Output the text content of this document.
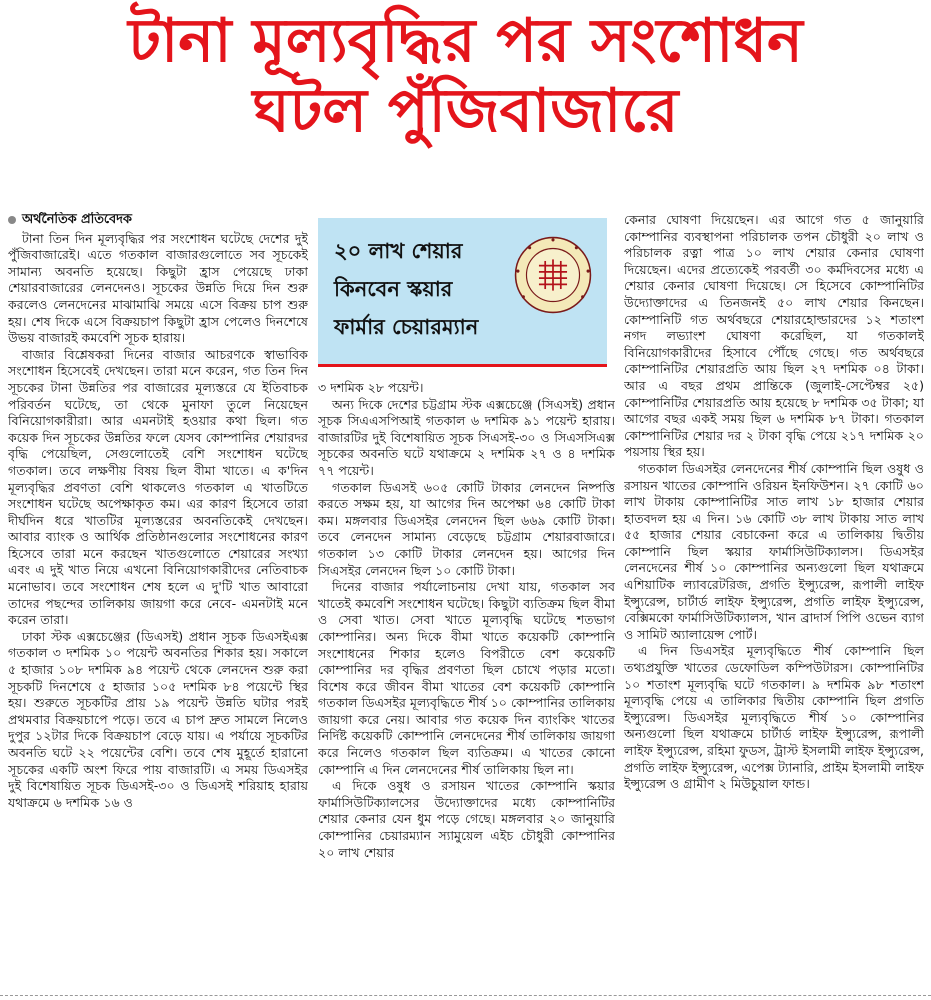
টানা মূল্যবৃদ্ধির পর সংশোধন
ঘটল পুঁজিবাজারে
অর্থনৈতিক প্রতিবেদক

টানা তিন দিন মূল্যবৃদ্ধির পর সংশোধন ঘটেছে দেশের দুই পুঁজিবাজারেই। এতে গতকাল বাজারগুলোতে সব সূচকেই সামান্য অবনতি হয়েছে। কিছুটা হ্রাস পেয়েছে ঢাকা শেয়ারবাজারের লেনদেনও। সূচকের উন্নতি দিয়ে দিন শুরু করলেও লেনদেনের মাঝামাঝি সময়ে এসে বিক্রয় চাপ শুরু হয়। শেষ দিকে এসে বিক্রয়চাপ কিছুটা হ্রাস পেলেও দিনশেষে উভয় বাজারই কমবেশি সূচক হারায়।

বাজার বিশ্লেষকরা দিনের বাজার আচরণকে স্বাভাবিক সংশোধন হিসেবেই দেখছেন। তারা মনে করেন, গত তিন দিন সূচকের টানা উন্নতির পর বাজারের মূল্যস্তরে যে ইতিবাচক পরিবর্তন ঘটেছে, তা থেকে মুনাফা তুলে নিয়েছেন বিনিয়োগকারীরা। আর এমনটাই হওয়ার কথা ছিল। গত কয়েক দিন সূচকের উন্নতির ফলে যেসব কোম্পানির শেয়ারদর বৃদ্ধি পেয়েছিল, সেগুলোতেই বেশি সংশোধন ঘটেছে গতকাল। তবে লক্ষণীয় বিষয় ছিল বীমা খাতে। এ ক'দিন মূল্যবৃদ্ধির প্রবণতা বেশি থাকলেও গতকাল এ খাতটিতে সংশোধন ঘটেছে অপেক্ষাকৃত কম। এর কারণ হিসেবে তারা দীর্ঘদিন ধরে খাতটির মূল্যস্তরের অবনতিকেই দেখছেন। আবার ব্যাংক ও আর্থিক প্রতিষ্ঠানগুলোর সংশোধনের কারণ হিসেবে তারা মনে করছেন খাতগুলোতে শেয়ারের সংখ্যা এবং এ দুই খাত নিয়ে এখনো বিনিয়োগকারীদের নেতিবাচক মনোভাব। তবে সংশোধন শেষ হলে এ দু'টি খাত আবারো তাদের পছন্দের তালিকায় জায়গা করে নেবে- এমনটাই মনে করেন তারা।

ঢাকা স্টক এক্সচেঞ্জের (ডিএসই) প্রধান সূচক ডিএসইএক্স গতকাল ৩ দশমিক ১০ পয়েন্ট অবনতির শিকার হয়। সকালে ৫ হাজার ১০৮ দশমিক ৯৪ পয়েন্ট থেকে লেনদেন শুরু করা সূচকটি দিনশেষে ৫ হাজার ১০৫ দশমিক ৮৪ পয়েন্টে স্থির হয়। শুরুতে সূচকটির প্রায় ১৯ পয়েন্ট উন্নতি ঘটার পরই প্রথমবার বিক্রয়চাপে পড়ে। তবে এ চাপ দ্রুত সামলে নিলেও দুপুর ১২টার দিকে বিক্রয়চাপ বেড়ে যায়। এ পর্যায়ে সূচকটির অবনতি ঘটে ২২ পয়েন্টের বেশি। তবে শেষ মুহূর্তে হারানো সূচকের একটি অংশ ফিরে পায় বাজারটি। এ সময় ডিএসইর দুই বিশেষায়িত সূচক ডিএসই-৩০ ও ডিএসই শরিয়াহ হারায় যথাক্রমে ৬ দশমিক ১৬ ও

২০ লাখ শেয়ার
কিনবেন স্কয়ার
ফার্মার চেয়ারম্যান

৩ দশমিক ২৮ পয়েন্ট।

অন্য দিকে দেশের চট্টগ্রাম স্টক এক্সচেঞ্জে (সিএসই) প্রধান সূচক সিএএসপিআই গতকাল ৬ দশমিক ৯১ পয়েন্ট হারায়। বাজারটির দুই বিশেষায়িত সূচক সিএসই-৩০ ও সিএসসিএক্স সূচকের অবনতি ঘটে যথাক্রমে ২ দশমিক ২৭ ও ৪ দশমিক ৭৭ পয়েন্ট।

গতকাল ডিএসই ৬০৫ কোটি টাকার লেনদেন নিষ্পত্তি করতে সক্ষম হয়, যা আগের দিন অপেক্ষা ৬৪ কোটি টাকা কম। মঙ্গলবার ডিএসইর লেনদেন ছিল ৬৬৯ কোটি টাকা। তবে লেনদেন সামান্য বেড়েছে চট্টগ্রাম শেয়ারবাজারে। গতকাল ১৩ কোটি টাকার লেনদেন হয়। আগের দিন সিএসইর লেনদেন ছিল ১০ কোটি টাকা।

দিনের বাজার পর্যালোচনায় দেখা যায়, গতকাল সব খাতেই কমবেশি সংশোধন ঘটেছে। কিছুটা ব্যতিক্রম ছিল বীমা ও সেবা খাত। সেবা খাতে মূল্যবৃদ্ধি ঘটেছে শতভাগ কোম্পানির। অন্য দিকে বীমা খাতে কয়েকটি কোম্পানি সংশোধনের শিকার হলেও বিপরীতে বেশ কয়েকটি কোম্পানির দর বৃদ্ধির প্রবণতা ছিল চোখে পড়ার মতো। বিশেষ করে জীবন বীমা খাতের বেশ কয়েকটি কোম্পানি গতকাল ডিএসইর মূল্যবৃদ্ধিতে শীর্ষ ১০ কোম্পানির তালিকায় জায়গা করে নেয়। আবার গত কয়েক দিন ব্যাংকিং খাতের নির্দিষ্ট কয়েকটি কোম্পানি লেনদেনের শীর্ষ তালিকায় জায়গা করে নিলেও গতকাল ছিল ব্যতিক্রম। এ খাতের কোনো কোম্পানি এ দিন লেনদেনের শীর্ষ তালিকায় ছিল না।

এ দিকে ওষুধ ও রসায়ন খাতের কোম্পানি স্কয়ার ফার্মাসিউটিক্যালসের উদ্যোক্তাদের মধ্যে কোম্পানিটির শেয়ার কেনার যেন ধুম পড়ে গেছে। মঙ্গলবার ২০ জানুয়ারি কোম্পানির চেয়ারম্যান স্যামুয়েল এইচ চৌধুরী কোম্পানির ২০ লাখ শেয়ার

কেনার ঘোষণা দিয়েছেন। এর আগে গত ৫ জানুয়ারি কোম্পানির ব্যবস্থাপনা পরিচালক তপন চৌধুরী ২০ লাখ ও পরিচালক রত্না পাত্র ১০ লাখ শেয়ার কেনার ঘোষণা দিয়েছেন। এদের প্রত্যেকেই পরবর্তী ৩০ কর্মদিবসের মধ্যে এ শেয়ার কেনার ঘোষণা দিয়েছে। সে হিসেবে কোম্পানিটির উদ্যোক্তাদের এ তিনজনই ৫০ লাখ শেয়ার কিনছেন। কোম্পানিটি গত অর্থবছরে শেয়ারহোল্ডারদের ১২ শতাংশ নগদ লভ্যাংশ ঘোষণা করেছিল, যা গতকালই বিনিয়োগকারীদের হিসাবে পৌঁছে গেছে। গত অর্থবছরে কোম্পানিটির শেয়ারপ্রতি আয় ছিল ২৭ দশমিক ০৪ টাকা। আর এ বছর প্রথম প্রান্তিকে (জুলাই-সেপ্টেম্বর ২৫) কোম্পানিটির শেয়ারপ্রতি আয় হয়েছে ৮ দশমিক ৩৫ টাকা; যা আগের বছর একই সময় ছিল ৬ দশমিক ৮৭ টাকা। গতকাল কোম্পানিটির শেয়ার দর ২ টাকা বৃদ্ধি পেয়ে ২১৭ দশমিক ২০ পয়সায় স্থির হয়।

গতকাল ডিএসইর লেনদেনের শীর্ষ কোম্পানি ছিল ওষুধ ও রসায়ন খাতের কোম্পানি ওরিয়ন ইনফিউশন। ২৭ কোটি ৬০ লাখ টাকায় কোম্পানিটির সাত লাখ ১৮ হাজার শেয়ার হাতবদল হয় এ দিন। ১৬ কোটি ৩৮ লাখ টাকায় সাত লাখ ৫৫ হাজার শেয়ার বেচাকেনা করে এ তালিকায় দ্বিতীয় কোম্পানি ছিল স্কয়ার ফার্মাসিউটিক্যালস। ডিএসইর লেনদেনের শীর্ষ ১০ কোম্পানির অন্যগুলো ছিল যথাক্রমে এশিয়াটিক ল্যাবরেটরিজ, প্রগতি ইন্স্যুরেন্স, রূপালী লাইফ ইন্স্যুরেন্স, চার্টার্ড লাইফ ইন্স্যুরেন্স, প্রগতি লাইফ ইন্স্যুরেন্স, বেক্সিমকো ফার্মাসিউটিক্যালস, খান ব্রাদার্স পিপি ওভেন ব্যাগ ও সামিট অ্যালায়েন্স পোর্ট।

এ দিন ডিএসইর মূল্যবৃদ্ধিতে শীর্ষ কোম্পানি ছিল তথ্যপ্রযুক্তি খাতের ডেফোডিল কম্পিউটারস। কোম্পানিটির ১০ শতাংশ মূল্যবৃদ্ধি ঘটে গতকাল। ৯ দশমিক ৯৮ শতাংশ মূল্যবৃদ্ধি পেয়ে এ তালিকার দ্বিতীয় কোম্পানি ছিল প্রগতি ইন্স্যুরেন্স। ডিএসইর মূল্যবৃদ্ধিতে শীর্ষ ১০ কোম্পানির অন্যগুলো ছিল যথাক্রমে চার্টার্ড লাইফ ইন্স্যুরেন্স, রূপালী লাইফ ইন্স্যুরেন্স, রহিমা ফুডস, ট্রাস্ট ইসলামী লাইফ ইন্স্যুরেন্স, প্রগতি লাইফ ইন্স্যুরেন্স, এপেক্স ট্যানারি, প্রাইম ইসলামী লাইফ ইন্স্যুরেন্স ও গ্রামীণ ২ মিউচুয়াল ফান্ড।
